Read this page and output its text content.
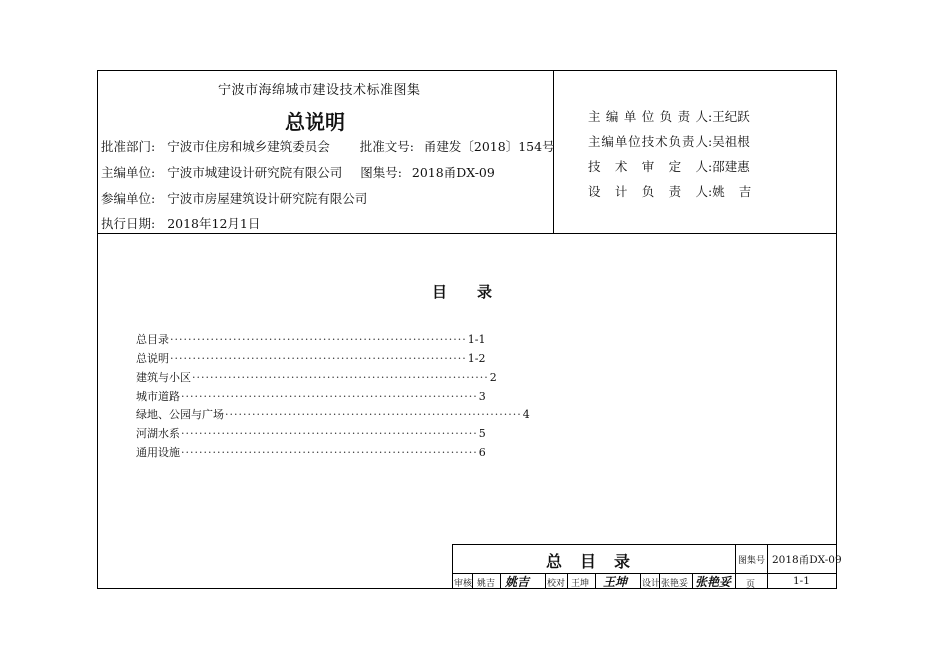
宁波市海绵城市建设技术标准图集
总说明
批准部门: 宁波市住房和城乡建筑委员会 批准文号: 甬建发〔2018〕154号
主编单位: 宁波市城建设计研究院有限公司 图集号: 2018甬DX-09
参编单位: 宁波市房屋建筑设计研究院有限公司
执行日期: 2018年12月1日
主编单位负责人:王纪跃
主编单位技术负责人:吴祖根
技术审定人:邵建惠
设计负责人:姚吉
目　　录
总目录 ·································································· 1-1
总说明 ·································································· 1-2
建筑与小区 ·································································· 2
城市道路 ·································································· 3
绿地、公园与广场 ·································································· 4
河湖水系 ·································································· 5
通用设施 ·································································· 6
总目录	图集号 2018甬DX-09
审核 姚吉 姚吉 校对 王坤 王坤 设计 张艳妥 张艳妥 页	1-1
